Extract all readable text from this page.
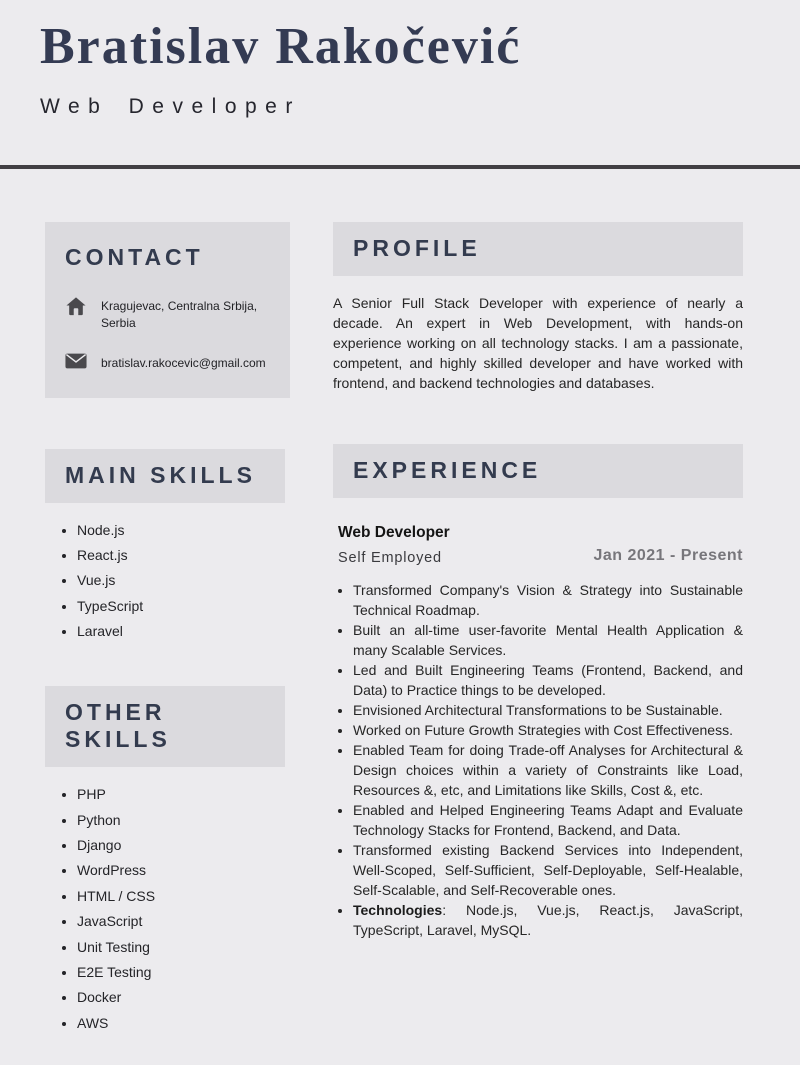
Bratislav Rakočević
Web Developer
CONTACT
Kragujevac, Centralna Srbija, Serbia
bratislav.rakocevic@gmail.com
MAIN SKILLS
• Node.js
• React.js
• Vue.js
• TypeScript
• Laravel
OTHER SKILLS
• PHP
• Python
• Django
• WordPress
• HTML / CSS
• JavaScript
• Unit Testing
• E2E Testing
• Docker
• AWS
PROFILE

A Senior Full Stack Developer with experience of nearly a decade. An expert in Web Development, with hands-on experience working on all technology stacks. I am a passionate, competent, and highly skilled developer and have worked with frontend, and backend technologies and databases.

EXPERIENCE
Web Developer
Self Employed	Jan 2021 - Present
• Transformed Company's Vision & Strategy into Sustainable Technical Roadmap.
• Built an all-time user-favorite Mental Health Application & many Scalable Services.
• Led and Built Engineering Teams (Frontend, Backend, and Data) to Practice things to be developed.
• Envisioned Architectural Transformations to be Sustainable.
• Worked on Future Growth Strategies with Cost Effectiveness.
• Enabled Team for doing Trade-off Analyses for Architectural & Design choices within a variety of Constraints like Load, Resources &, etc, and Limitations like Skills, Cost &, etc.
• Enabled and Helped Engineering Teams Adapt and Evaluate Technology Stacks for Frontend, Backend, and Data.
• Transformed existing Backend Services into Independent, Well-Scoped, Self-Sufficient, Self-Deployable, Self-Healable, Self-Scalable, and Self-Recoverable ones.
• Technologies: Node.js, Vue.js, React.js, JavaScript, TypeScript, Laravel, MySQL.
